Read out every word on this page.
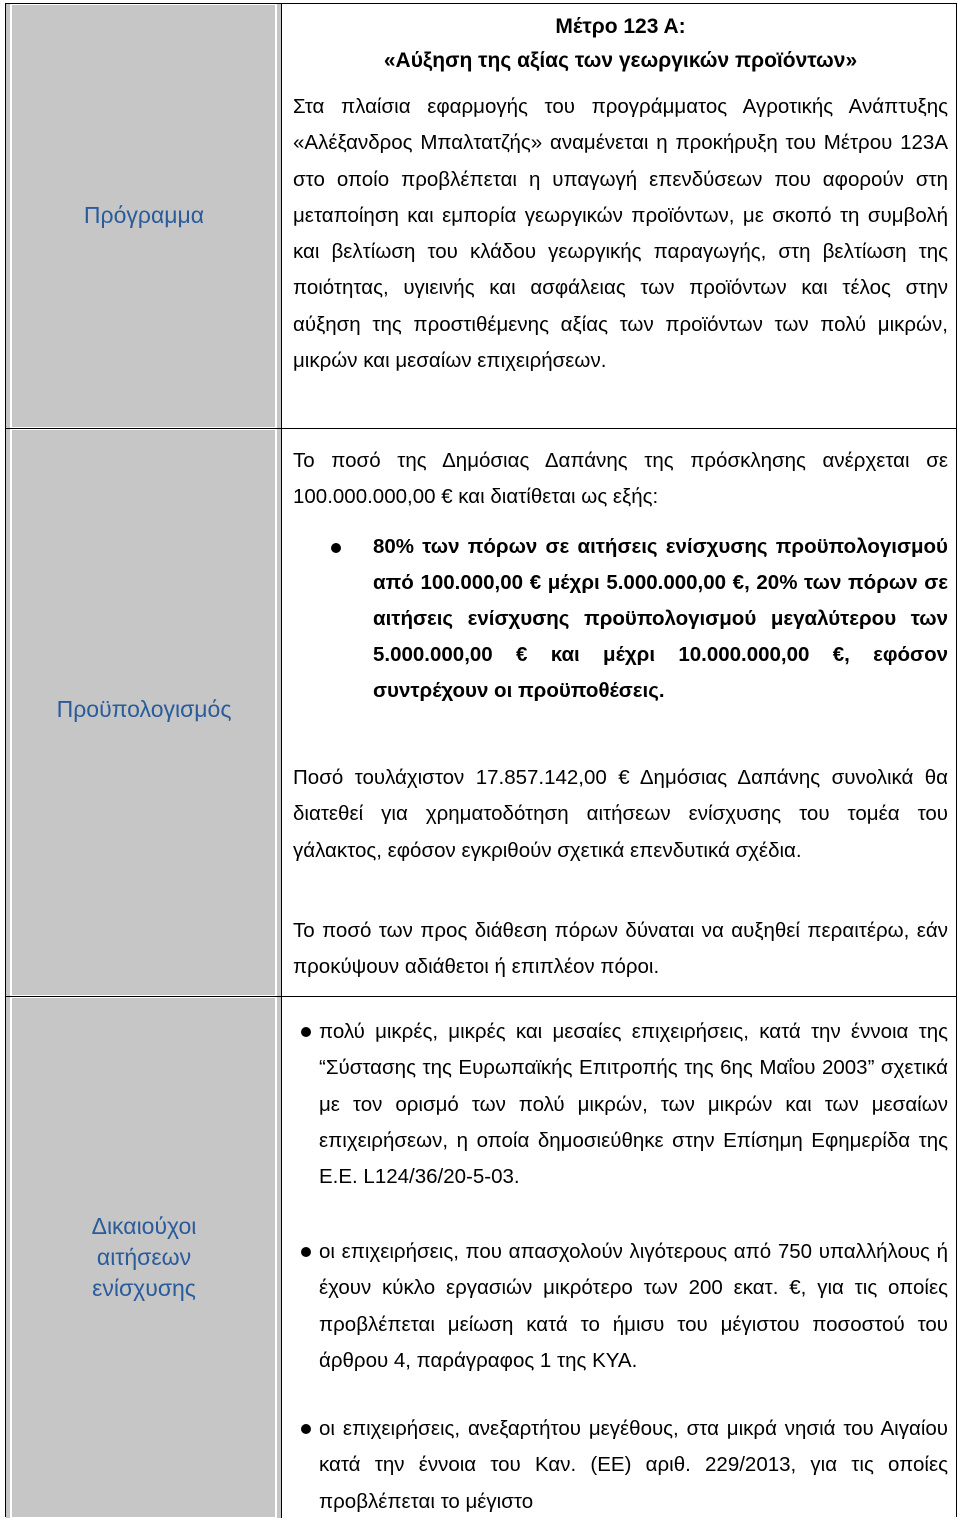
Πρόγραμμα
Προϋπολογισμός
Δικαιούχοι αιτήσεων ενίσχυσης
Μέτρο 123 Α:
«Αύξηση της αξίας των γεωργικών προϊόντων»

Στα πλαίσια εφαρμογής του προγράμματος Αγροτικής Ανάπτυξης «Αλέξανδρος Μπαλτατζής» αναμένεται η προκήρυξη του Μέτρου 123Α στο οποίο προβλέπεται η υπαγωγή επενδύσεων που αφορούν στη μεταποίηση και εμπορία γεωργικών προϊόντων, με σκοπό τη συμβολή και βελτίωση του κλάδου γεωργικής παραγωγής, στη βελτίωση της ποιότητας, υγιεινής και ασφάλειας των προϊόντων και τέλος στην αύξηση της προστιθέμενης αξίας των προϊόντων των πολύ μικρών, μικρών και μεσαίων επιχειρήσεων.

Το ποσό της Δημόσιας Δαπάνης της πρόσκλησης ανέρχεται σε 100.000.000,00 € και διατίθεται ως εξής:

80% των πόρων σε αιτήσεις ενίσχυσης προϋπολογισμού από 100.000,00 € μέχρι 5.000.000,00 €, 20% των πόρων σε αιτήσεις ενίσχυσης προϋπολογισμού μεγαλύτερου των 5.000.000,00 € και μέχρι 10.000.000,00 €, εφόσον συντρέχουν οι προϋποθέσεις.

Ποσό τουλάχιστον 17.857.142,00 € Δημόσιας Δαπάνης συνολικά θα διατεθεί για χρηματοδότηση αιτήσεων ενίσχυσης του τομέα του γάλακτος, εφόσον εγκριθούν σχετικά επενδυτικά σχέδια.

Το ποσό των προς διάθεση πόρων δύναται να αυξηθεί περαιτέρω, εάν προκύψουν αδιάθετοι ή επιπλέον πόροι.

πολύ μικρές, μικρές και μεσαίες επιχειρήσεις, κατά την έννοια της “Σύστασης της Ευρωπαϊκής Επιτροπής της 6ης Μαΐου 2003” σχετικά με τον ορισμό των πολύ μικρών, των μικρών και των μεσαίων επιχειρήσεων, η οποία δημοσιεύθηκε στην Επίσημη Εφημερίδα της Ε.Ε. L124/36/20-5-03.

οι επιχειρήσεις, που απασχολούν λιγότερους από 750 υπαλλήλους ή έχουν κύκλο εργασιών μικρότερο των 200 εκατ. €, για τις οποίες προβλέπεται μείωση κατά το ήμισυ του μέγιστου ποσοστού του άρθρου 4, παράγραφος 1 της ΚΥΑ.

οι επιχειρήσεις, ανεξαρτήτου μεγέθους, στα μικρά νησιά του Αιγαίου κατά την έννοια του Καν. (ΕΕ) αριθ. 229/2013, για τις οποίες προβλέπεται το μέγιστο
